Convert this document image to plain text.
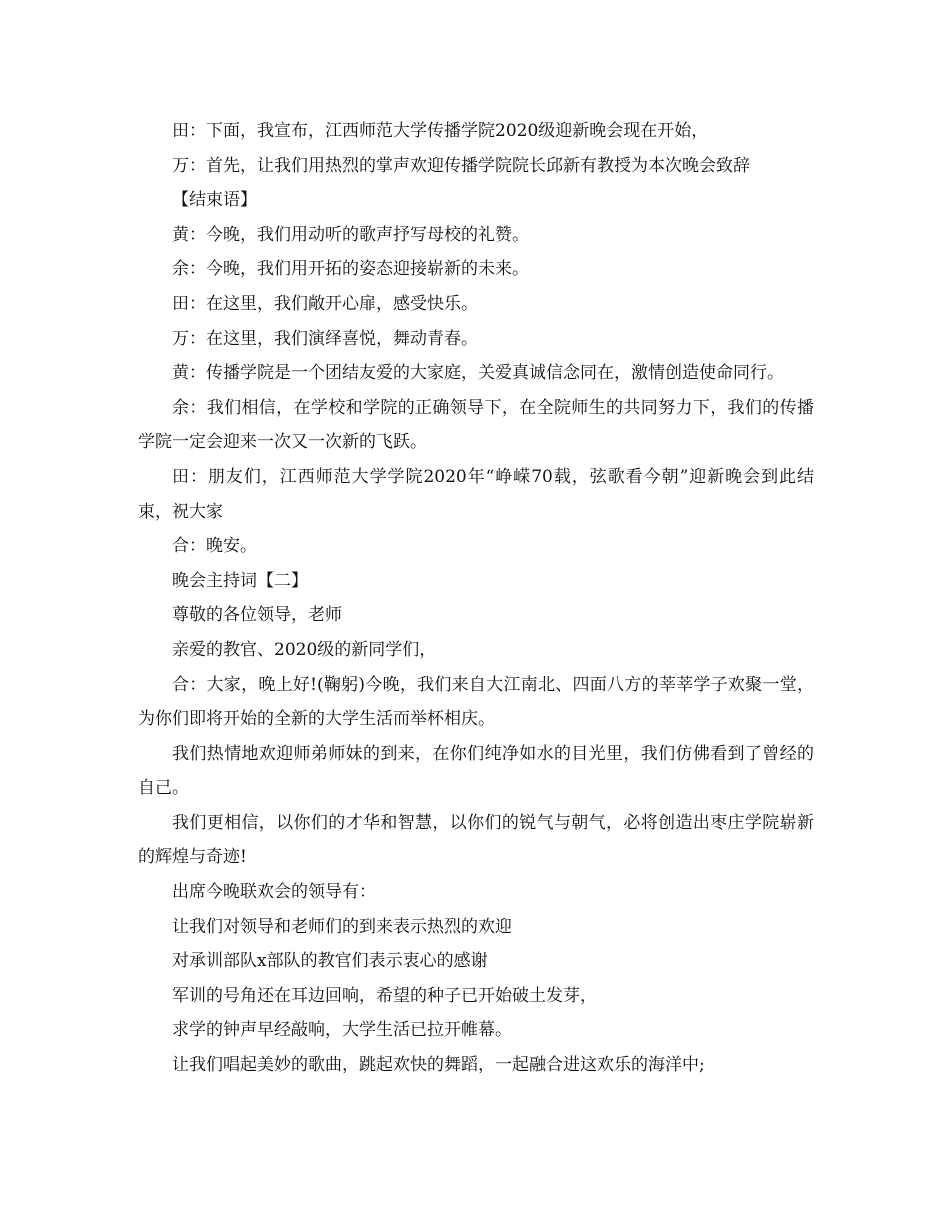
田：下面，我宣布，江西师范大学传播学院2020级迎新晚会现在开始，

万：首先，让我们用热烈的掌声欢迎传播学院院长邱新有教授为本次晚会致辞

【结束语】

黄：今晚，我们用动听的歌声抒写母校的礼赞。

余：今晚，我们用开拓的姿态迎接崭新的未来。

田：在这里，我们敞开心扉，感受快乐。

万：在这里，我们演绎喜悦，舞动青春。

黄：传播学院是一个团结友爱的大家庭，关爱真诚信念同在，激情创造使命同行。

余：我们相信，在学校和学院的正确领导下，在全院师生的共同努力下，我们的传播学院一定会迎来一次又一次新的飞跃。

田：朋友们，江西师范大学学院2020年“峥嵘70载，弦歌看今朝”迎新晚会到此结束，祝大家

合：晚安。

晚会主持词【二】

尊敬的各位领导，老师

亲爱的教官、2020级的新同学们，

合：大家，晚上好!(鞠躬)今晚，我们来自大江南北、四面八方的莘莘学子欢聚一堂，为你们即将开始的全新的大学生活而举杯相庆。

我们热情地欢迎师弟师妹的到来，在你们纯净如水的目光里，我们仿佛看到了曾经的自己。

我们更相信，以你们的才华和智慧，以你们的锐气与朝气，必将创造出枣庄学院崭新的辉煌与奇迹!

出席今晚联欢会的领导有：

让我们对领导和老师们的到来表示热烈的欢迎

对承训部队x部队的教官们表示衷心的感谢

军训的号角还在耳边回响，希望的种子已开始破土发芽，

求学的钟声早经敲响，大学生活已拉开帷幕。

让我们唱起美妙的歌曲，跳起欢快的舞蹈，一起融合进这欢乐的海洋中;
